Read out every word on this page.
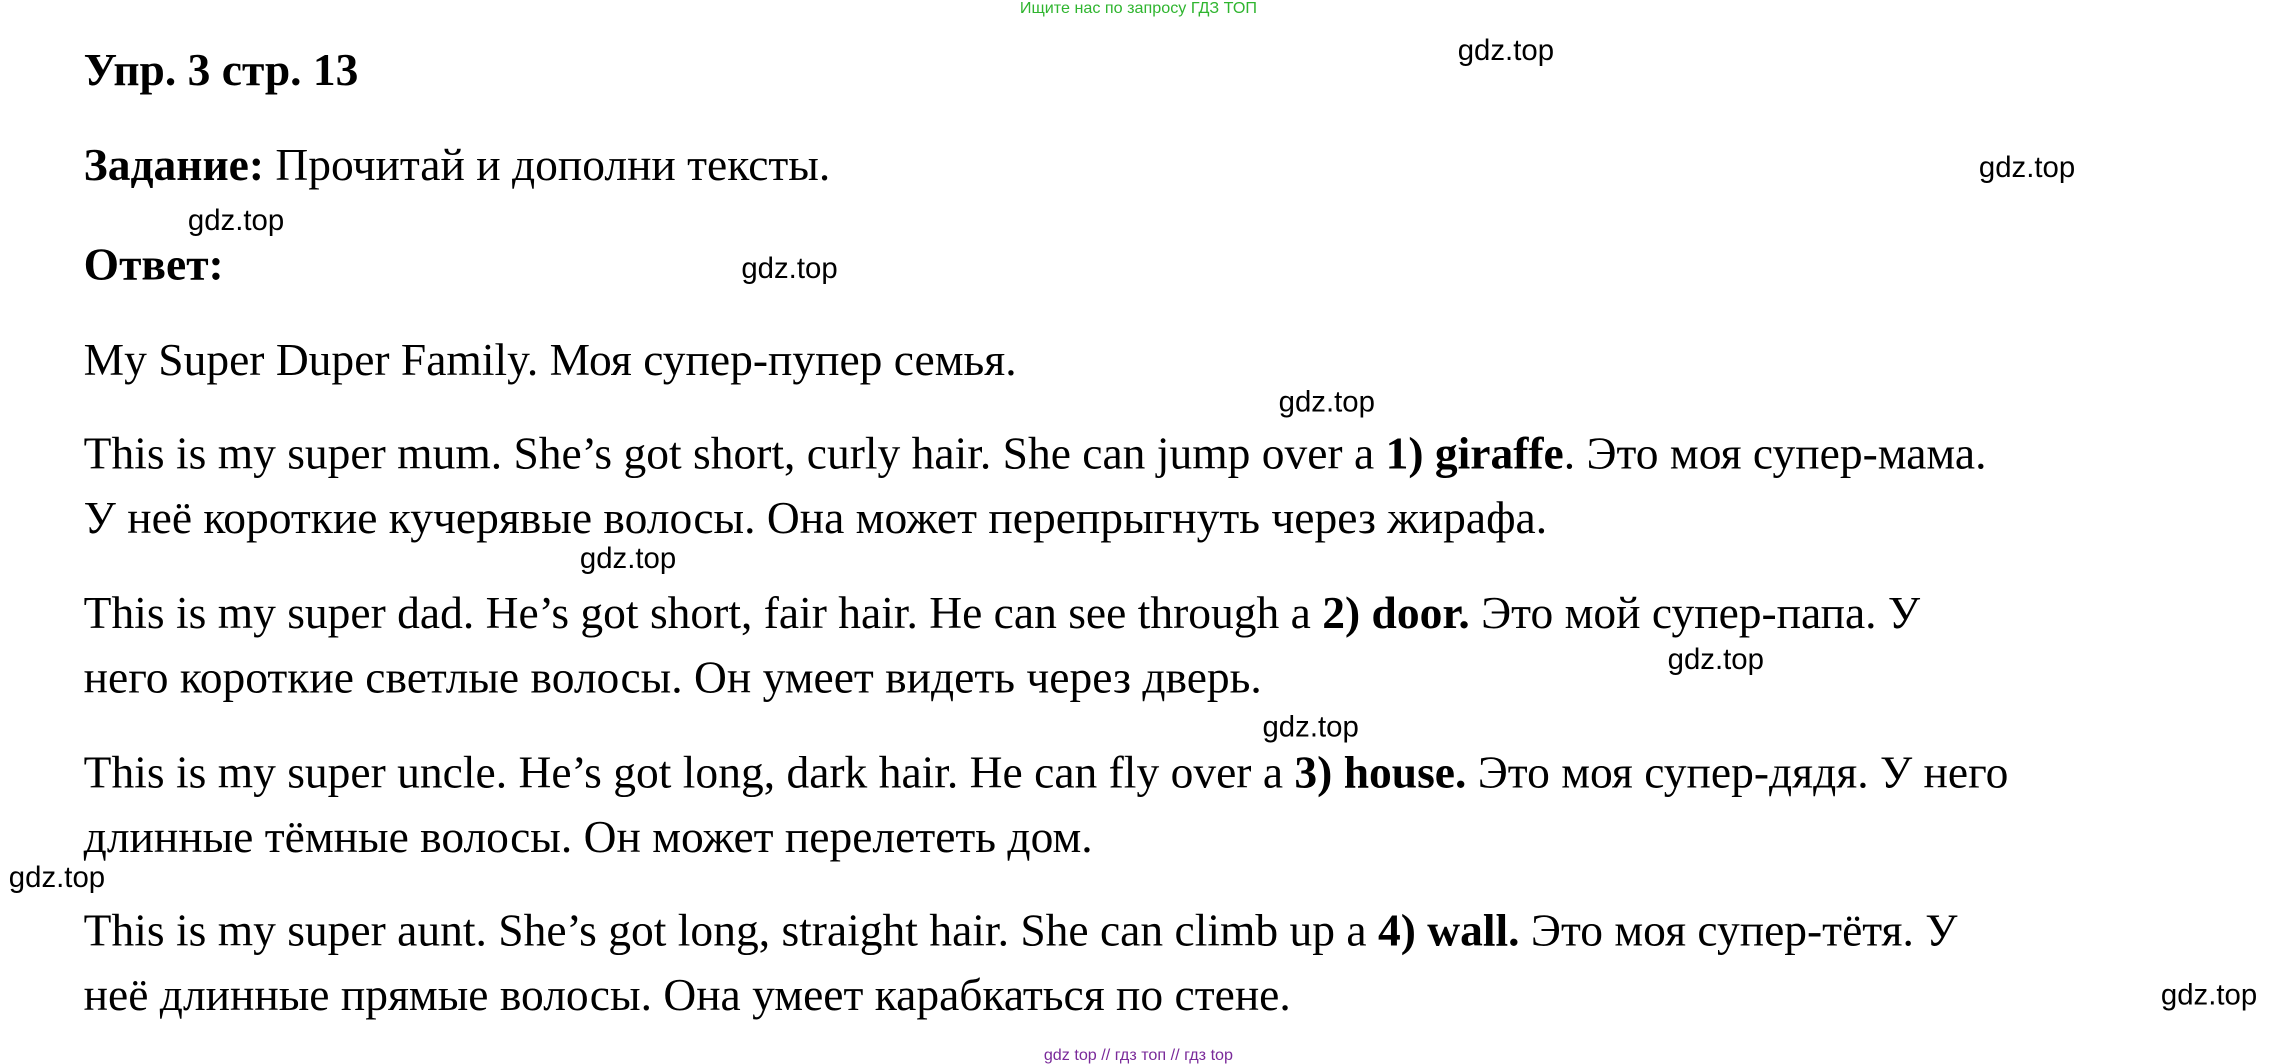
Ищите нас по запросу ГДЗ ТОП
Упр. 3 стр. 13
Задание: Прочитай и дополни тексты.
Ответ:
My Super Duper Family. Моя супер-пупер семья.
This is my super mum. She’s got short, curly hair. She can jump over a 1) giraffe. Это моя супер-мама.
У неё короткие кучерявые волосы. Она может перепрыгнуть через жирафа.
This is my super dad. He’s got short, fair hair. He can see through a 2) door. Это мой супер-папа. У
него короткие светлые волосы. Он умеет видеть через дверь.
This is my super uncle. He’s got long, dark hair. He can fly over a 3) house. Это моя супер-дядя. У него
длинные тёмные волосы. Он может перелететь дом.
This is my super aunt. She’s got long, straight hair. She can climb up a 4) wall. Это моя супер-тётя. У
неё длинные прямые волосы. Она умеет карабкаться по стене.
gdz.top
gdz.top
gdz.top
gdz.top
gdz.top
gdz.top
gdz.top
gdz.top
gdz.top
gdz.top
gdz top // гдз топ // гдз top
